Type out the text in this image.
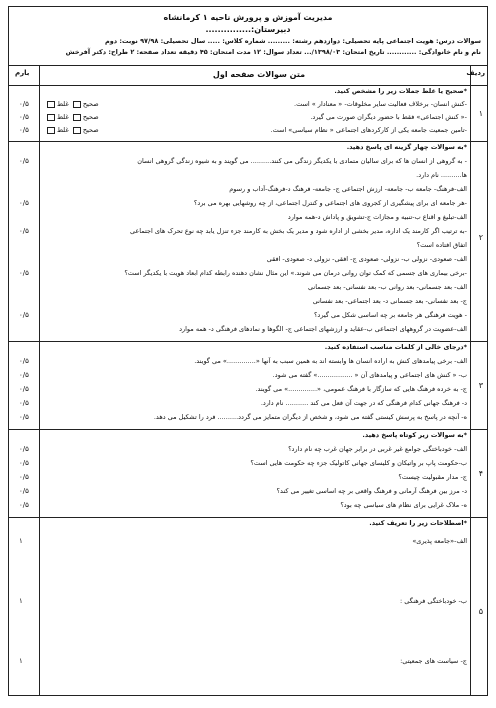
مدیریت آموزش و پرورش ناحیه ۱ کرمانشاه
دبیرستان:...............
سوالات درس: هویت اجتماعی پایه تحصیلی: دوازدهم رشته: ......... شماره کلاس: ..... سال تحصیلی: ۹۷/۹۸ نوبت: دوم
نام و نام خانوادگی: ............ تاریخ امتحان: ۱۳۹۸/۰۳/... تعداد سوال: ۱۲ مدت امتحان: ۴۵ دقیقه تعداد صفحه: ۲ طراح: دکتر آفرخش
ردیف
متن سوالات صفحه اول
بارم
۱
*صحیح یا غلط جملات زیر را مشخص کنید.
-کنش انسان- برخلاف فعالیت سایر مخلوقات- « معنادار » است.
صحیح غلط
۰/۵
-« کنش اجتماعی» فقط با حضور دیگران صورت می گیرد.
صحیح غلط
۰/۵
-تامین جمعیت جامعه یکی از کارکردهای اجتماعی « نظام سیاسی» است.
صحیح غلط
۰/۵
۲
*به سوالات چهار گزینه ای پاسخ دهید.
- به گروهی از انسان ها که برای سالیان متمادی با یکدیگر زندگی می کنند.......... می گویند و به شیوه زندگی گروهی انسان
۰/۵
ها.......... نام دارد.
الف-فرهنگ- جامعه ب- جامعه- ارزش اجتماعی ج- جامعه- فرهنگ د-فرهنگ-آداب و رسوم
-هر جامعه ای برای پیشگیری از کجروی های اجتماعی و کنترل اجتماعی، از چه روشهایی بهره می برد؟
۰/۵
الف-تبلیغ و اقناع ب-تنبیه و مجازات ج-تشویق و پاداش د-همه موارد
-به ترتیب اگر کارمند یک اداره، مدیر بخشی از اداره شود و مدیر یک بخش به کارمند جزء تنزل یابد چه نوع تحرک های اجتماعی
۰/۵
اتفاق افتاده است؟
الف- صعودی- نزولی ب- نزولی- صعودی ج- افقی- نزولی د- صعودی- افقی
-برخی بیماری های جسمی که کمک توان روانی درمان می شوند.» این مثال نشان دهنده رابطه کدام ابعاد هویت با یکدیگر است؟
۰/۵
الف- بعد جسمانی- بعد روانی ب- بعد نفسانی- بعد جسمانی
ج- بعد نفسانی- بعد جسمانی د- بعد اجتماعی- بعد نفسانی
- هویت فرهنگی هر جامعه بر چه اساسی شکل می گیرد؟
۰/۵
الف-عضویت در گروههای اجتماعی ب-عقاید و ارزشهای اجتماعی ج- الگوها و نمادهای فرهنگی د- همه موارد
۳
*درجای خالی از کلمات مناسب استفاده کنید.
الف- برخی پیامدهای کنش به اراده انسان ها وابسته اند به همین سبب به آنها «..............» می گویند.
۰/۵
ب- « کنش های اجتماعی و پیامدهای آن « .................» گفته می شود.
۰/۵
ج- به خرده فرهنگ هایی که سازگار با فرهنگ عمومی، «..............» می گویند.
۰/۵
د- فرهنگ جهانی کدام فرهنگی که در جهت آن فعل می کند ........... نام دارد.
۰/۵
ه- آنچه در پاسخ به پرسش کیستی گفته می شود، و شخص از دیگران متمایز می گردد.......... فرد را تشکیل می دهد.
۰/۵
۴
*به سوالات زیر کوتاه پاسخ دهید.
الف- خودباختگی جوامع غیر غربی در برابر جهان غرب چه نام دارد؟
۰/۵
ب-حکومت پاپ بر واتیکان و کلیسای جهانی کاتولیک جزء چه حکومت هایی است؟
۰/۵
ج- مدار مقبولیت چیست؟
۰/۵
د- مرز بین فرهنگ آرمانی و فرهنگ واقعی بر چه اساسی تغییر می کند؟
۰/۵
ه- ملاک غرایی برای نظام های سیاسی چه بود؟
۰/۵
۵
*اصطلاحات زیر را تعریف کنید.
الف-«جامعه پذیری»
۱
ب- خودباختگی فرهنگی :
۱
ج- سیاست های جمعیتی:
۱
